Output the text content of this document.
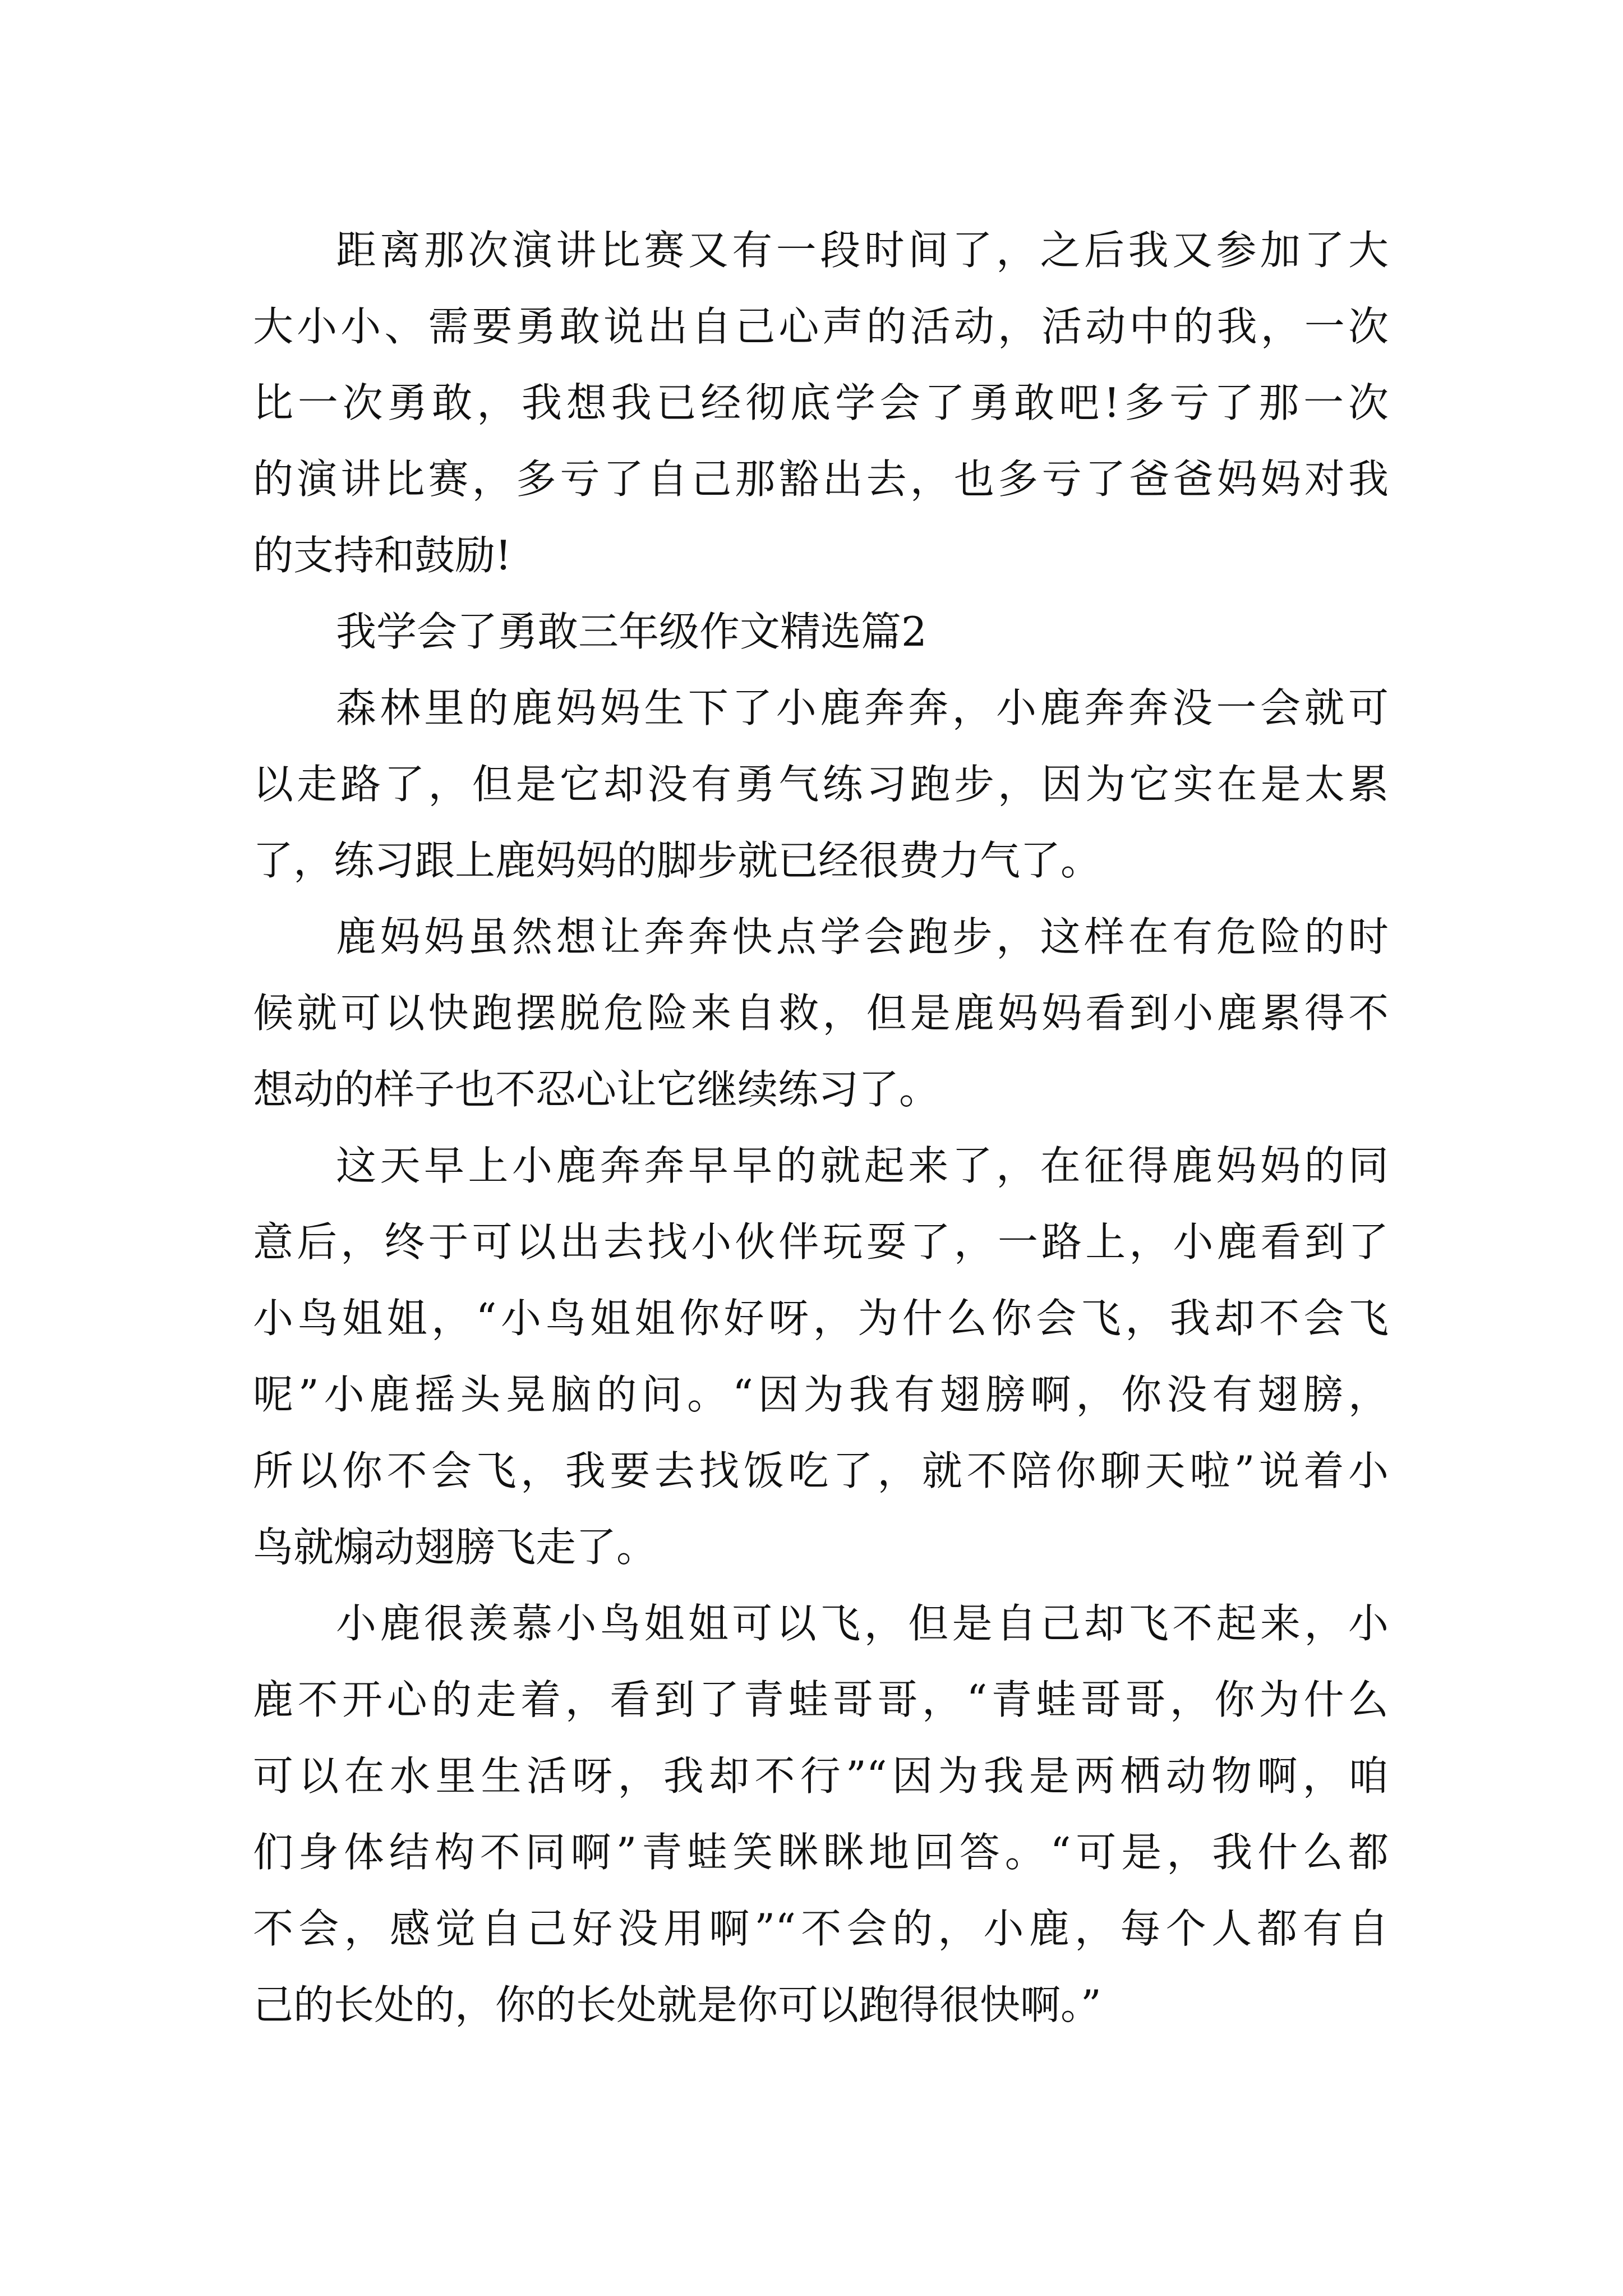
距离那次演讲比赛又有一段时间了，之后我又参加了大
大小小、需要勇敢说出自己心声的活动，活动中的我，一次
比一次勇敢，我想我已经彻底学会了勇敢吧!多亏了那一次
的演讲比赛，多亏了自己那豁出去，也多亏了爸爸妈妈对我
的支持和鼓励!
我学会了勇敢三年级作文精选篇2
森林里的鹿妈妈生下了小鹿奔奔，小鹿奔奔没一会就可
以走路了，但是它却没有勇气练习跑步，因为它实在是太累
了，练习跟上鹿妈妈的脚步就已经很费力气了。
鹿妈妈虽然想让奔奔快点学会跑步，这样在有危险的时
候就可以快跑摆脱危险来自救，但是鹿妈妈看到小鹿累得不
想动的样子也不忍心让它继续练习了。
这天早上小鹿奔奔早早的就起来了，在征得鹿妈妈的同
意后，终于可以出去找小伙伴玩耍了，一路上，小鹿看到了
小鸟姐姐，“小鸟姐姐你好呀，为什么你会飞，我却不会飞
呢”小鹿摇头晃脑的问。“因为我有翅膀啊，你没有翅膀，
所以你不会飞，我要去找饭吃了，就不陪你聊天啦”说着小
鸟就煽动翅膀飞走了。
小鹿很羡慕小鸟姐姐可以飞，但是自己却飞不起来，小
鹿不开心的走着，看到了青蛙哥哥，“青蛙哥哥，你为什么
可以在水里生活呀，我却不行”“因为我是两栖动物啊，咱
们身体结构不同啊”青蛙笑眯眯地回答。“可是，我什么都
不会，感觉自己好没用啊”“不会的，小鹿，每个人都有自
己的长处的，你的长处就是你可以跑得很快啊。”
